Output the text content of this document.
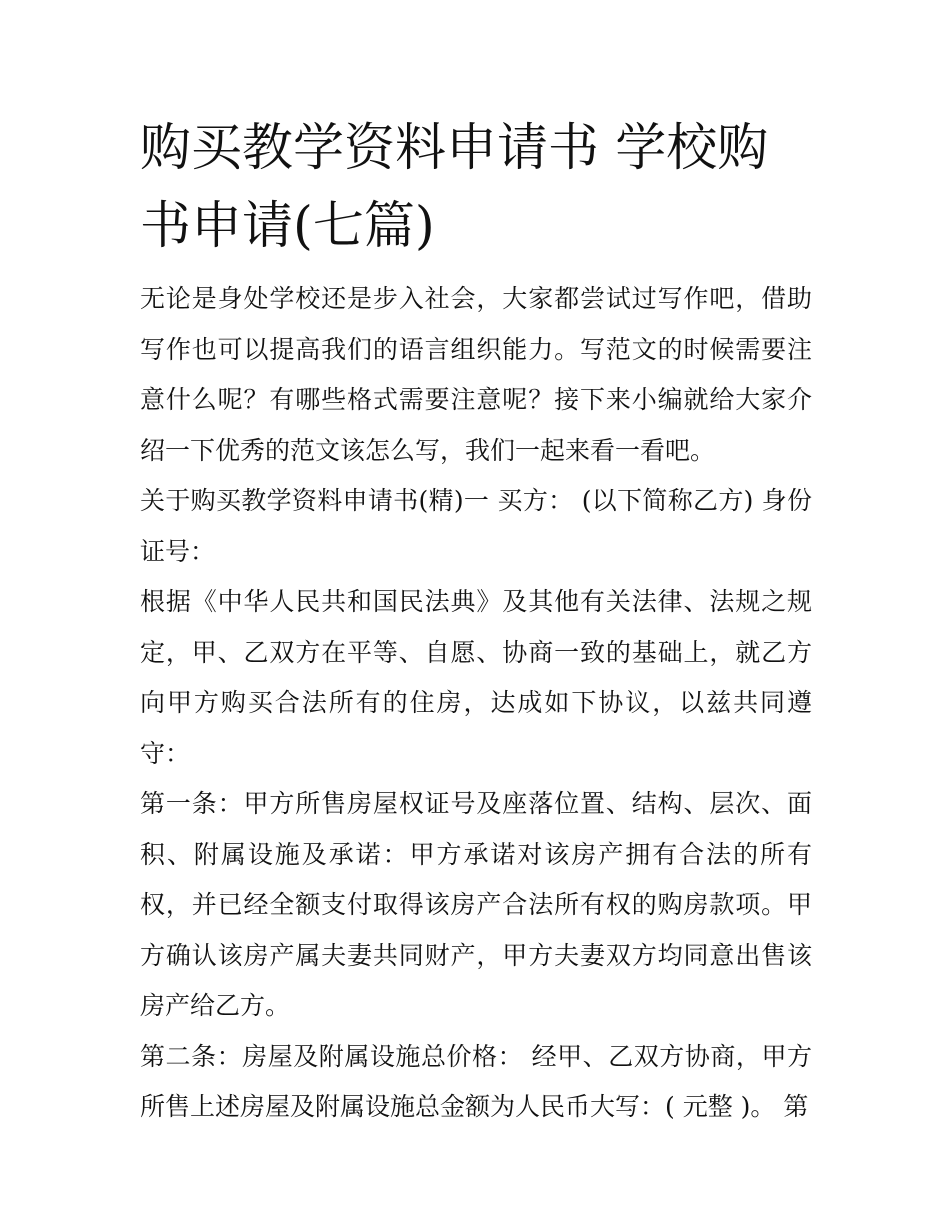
购买教学资料申请书 学校购书申请(七篇)

无论是身处学校还是步入社会，大家都尝试过写作吧，借助写作也可以提高我们的语言组织能力。写范文的时候需要注意什么呢？有哪些格式需要注意呢？接下来小编就给大家介绍一下优秀的范文该怎么写，我们一起来看一看吧。

关于购买教学资料申请书(精)一 买方： (以下简称乙方) 身份证号：

根据《中华人民共和国民法典》及其他有关法律、法规之规定，甲、乙双方在平等、自愿、协商一致的基础上，就乙方向甲方购买合法所有的住房，达成如下协议，以兹共同遵守：

第一条：甲方所售房屋权证号及座落位置、结构、层次、面积、附属设施及承诺：甲方承诺对该房产拥有合法的所有权，并已经全额支付取得该房产合法所有权的购房款项。甲方确认该房产属夫妻共同财产，甲方夫妻双方均同意出售该房产给乙方。

第二条：房屋及附属设施总价格： 经甲、乙双方协商，甲方所售上述房屋及附属设施总金额为人民币大写：( 元整 )。 第
